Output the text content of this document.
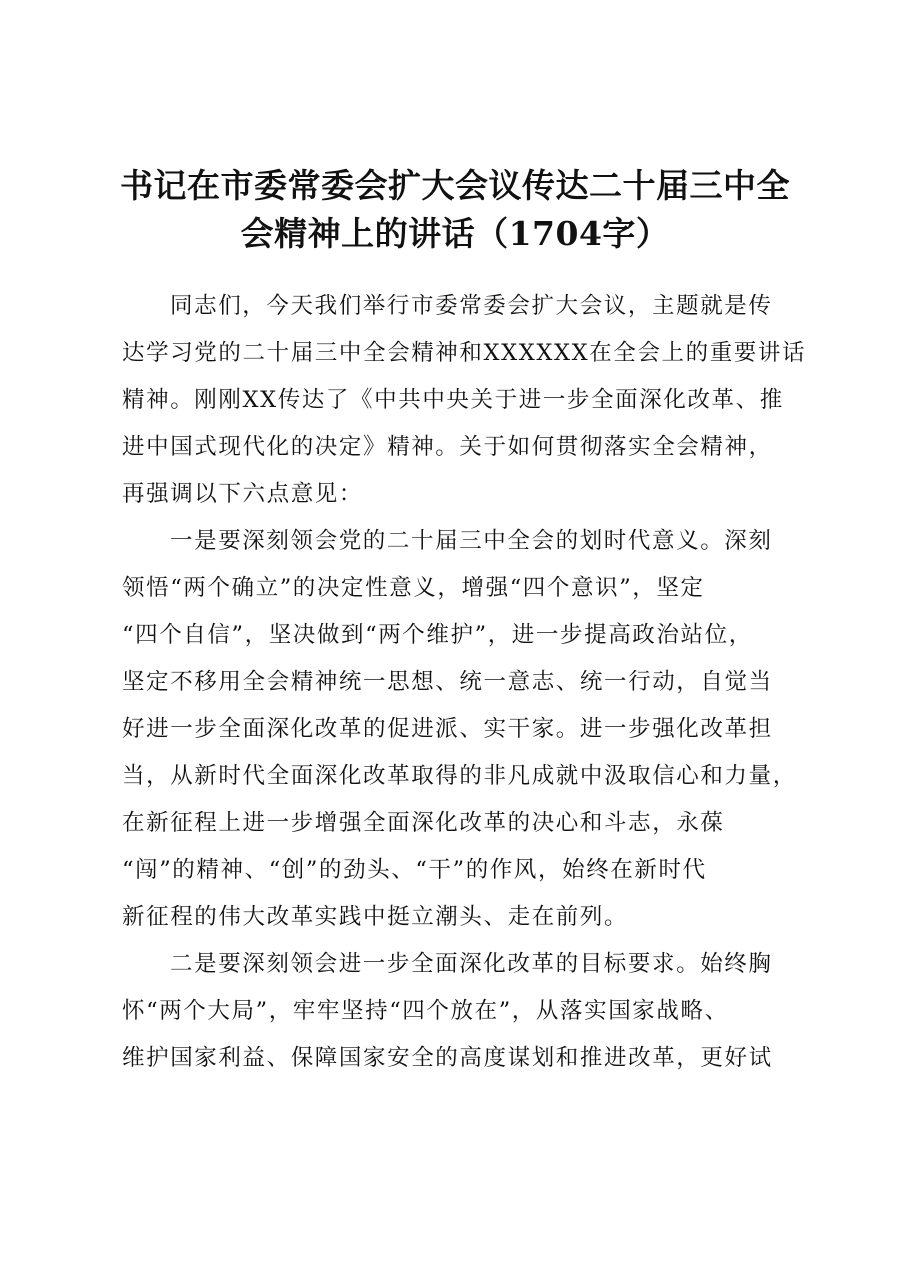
书记在市委常委会扩大会议传达二十届三中全
会精神上的讲话（1704字）
同志们，今天我们举行市委常委会扩大会议，主题就是传
达学习党的二十届三中全会精神和XXXXXX在全会上的重要讲话
精神。刚刚XX传达了《中共中央关于进一步全面深化改革、推
进中国式现代化的决定》精神。关于如何贯彻落实全会精神，
再强调以下六点意见：
一是要深刻领会党的二十届三中全会的划时代意义。深刻
领悟“两个确立”的决定性意义，增强“四个意识”，坚定
“四个自信”，坚决做到“两个维护”，进一步提高政治站位，
坚定不移用全会精神统一思想、统一意志、统一行动，自觉当
好进一步全面深化改革的促进派、实干家。进一步强化改革担
当，从新时代全面深化改革取得的非凡成就中汲取信心和力量，
在新征程上进一步增强全面深化改革的决心和斗志，永葆
“闯”的精神、“创”的劲头、“干”的作风，始终在新时代
新征程的伟大改革实践中挺立潮头、走在前列。
二是要深刻领会进一步全面深化改革的目标要求。始终胸
怀“两个大局”，牢牢坚持“四个放在”，从落实国家战略、
维护国家利益、保障国家安全的高度谋划和推进改革，更好试
